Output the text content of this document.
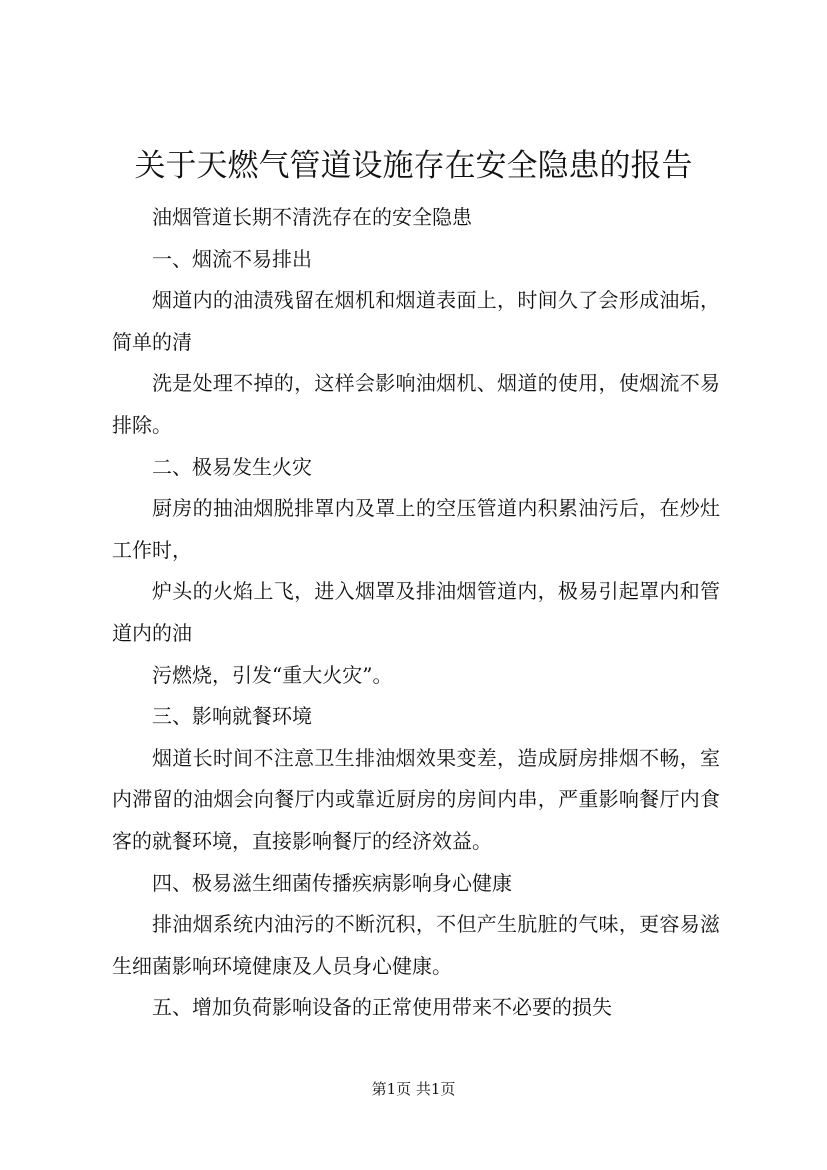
关于天燃气管道设施存在安全隐患的报告

油烟管道长期不清洗存在的安全隐患

一、烟流不易排出

烟道内的油渍残留在烟机和烟道表面上，时间久了会形成油垢，简单的清

洗是处理不掉的，这样会影响油烟机、烟道的使用，使烟流不易排除。

二、极易发生火灾

厨房的抽油烟脱排罩内及罩上的空压管道内积累油污后，在炒灶工作时，

炉头的火焰上飞，进入烟罩及排油烟管道内，极易引起罩内和管道内的油

污燃烧，引发“重大火灾”。

三、影响就餐环境

烟道长时间不注意卫生排油烟效果变差，造成厨房排烟不畅，室内滞留的油烟会向餐厅内或靠近厨房的房间内串，严重影响餐厅内食客的就餐环境，直接影响餐厅的经济效益。

四、极易滋生细菌传播疾病影响身心健康

排油烟系统内油污的不断沉积，不但产生肮脏的气味，更容易滋生细菌影响环境健康及人员身心健康。

五、增加负荷影响设备的正常使用带来不必要的损失

第1页 共1页
